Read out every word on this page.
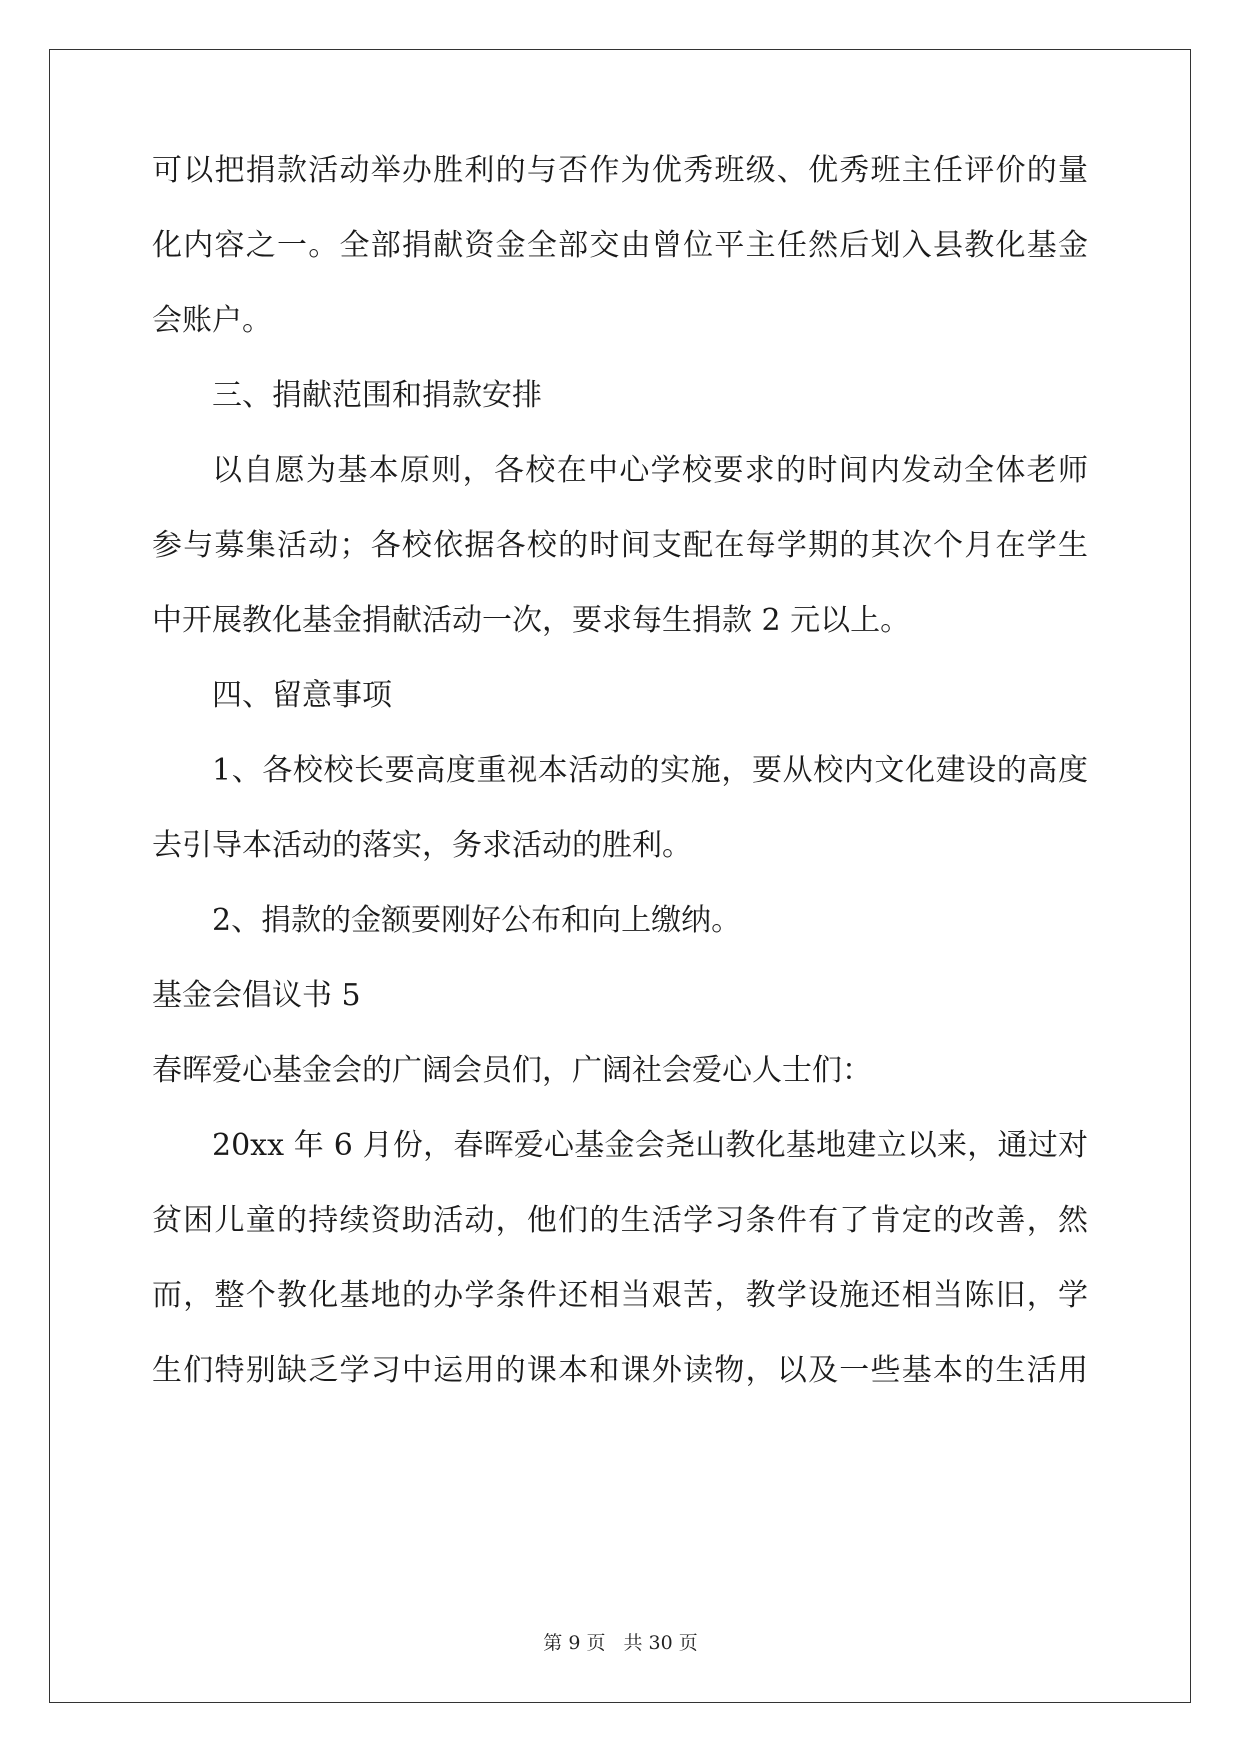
可以把捐款活动举办胜利的与否作为优秀班级、优秀班主任评价的量
化内容之一。全部捐献资金全部交由曾位平主任然后划入县教化基金
会账户。
三、捐献范围和捐款安排
以自愿为基本原则，各校在中心学校要求的时间内发动全体老师
参与募集活动；各校依据各校的时间支配在每学期的其次个月在学生
中开展教化基金捐献活动一次，要求每生捐款 2 元以上。
四、留意事项
1、各校校长要高度重视本活动的实施，要从校内文化建设的高度
去引导本活动的落实，务求活动的胜利。
2、捐款的金额要刚好公布和向上缴纳。
基金会倡议书 5
春晖爱心基金会的广阔会员们，广阔社会爱心人士们：
20xx 年 6 月份，春晖爱心基金会尧山教化基地建立以来，通过对
贫困儿童的持续资助活动，他们的生活学习条件有了肯定的改善，然
而，整个教化基地的办学条件还相当艰苦，教学设施还相当陈旧，学
生们特别缺乏学习中运用的课本和课外读物，以及一些基本的生活用
第 9 页 共 30 页
